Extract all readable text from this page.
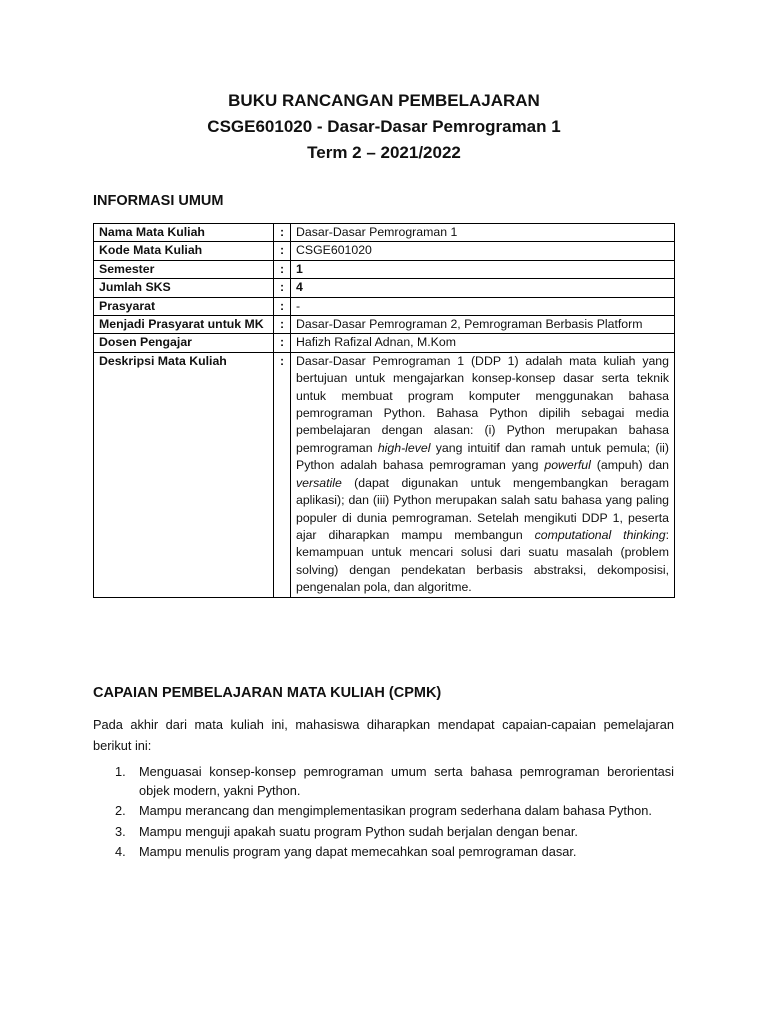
BUKU RANCANGAN PEMBELAJARAN
CSGE601020 - Dasar-Dasar Pemrograman 1
Term 2 – 2021/2022
INFORMASI UMUM
Nama Mata Kuliah	:	Dasar-Dasar Pemrograman 1
Kode Mata Kuliah	:	CSGE601020
Semester	:	1
Jumlah SKS	:	4
Prasyarat	:	-
Menjadi Prasyarat untuk MK	:	Dasar-Dasar Pemrograman 2, Pemrograman Berbasis Platform
Dosen Pengajar	:	Hafizh Rafizal Adnan, M.Kom
Deskripsi Mata Kuliah	:	Dasar-Dasar Pemrograman 1 (DDP 1) adalah mata kuliah yang bertujuan untuk mengajarkan konsep-konsep dasar serta teknik untuk membuat program komputer menggunakan bahasa pemrograman Python. Bahasa Python dipilih sebagai media pembelajaran dengan alasan: (i) Python merupakan bahasa pemrograman high-level yang intuitif dan ramah untuk pemula; (ii) Python adalah bahasa pemrograman yang powerful (ampuh) dan versatile (dapat digunakan untuk mengembangkan beragam aplikasi); dan (iii) Python merupakan salah satu bahasa yang paling populer di dunia pemrograman. Setelah mengikuti DDP 1, peserta ajar diharapkan mampu membangun computational thinking: kemampuan untuk mencari solusi dari suatu masalah (problem solving) dengan pendekatan berbasis abstraksi, dekomposisi, pengenalan pola, dan algoritme.
CAPAIAN PEMBELAJARAN MATA KULIAH (CPMK)

Pada akhir dari mata kuliah ini, mahasiswa diharapkan mendapat capaian-capaian pemelajaran berikut ini:

1.	Menguasai konsep-konsep pemrograman umum serta bahasa pemrograman berorientasi objek modern, yakni Python.
2.	Mampu merancang dan mengimplementasikan program sederhana dalam bahasa Python.
3.	Mampu menguji apakah suatu program Python sudah berjalan dengan benar.
4.	Mampu menulis program yang dapat memecahkan soal pemrograman dasar.
